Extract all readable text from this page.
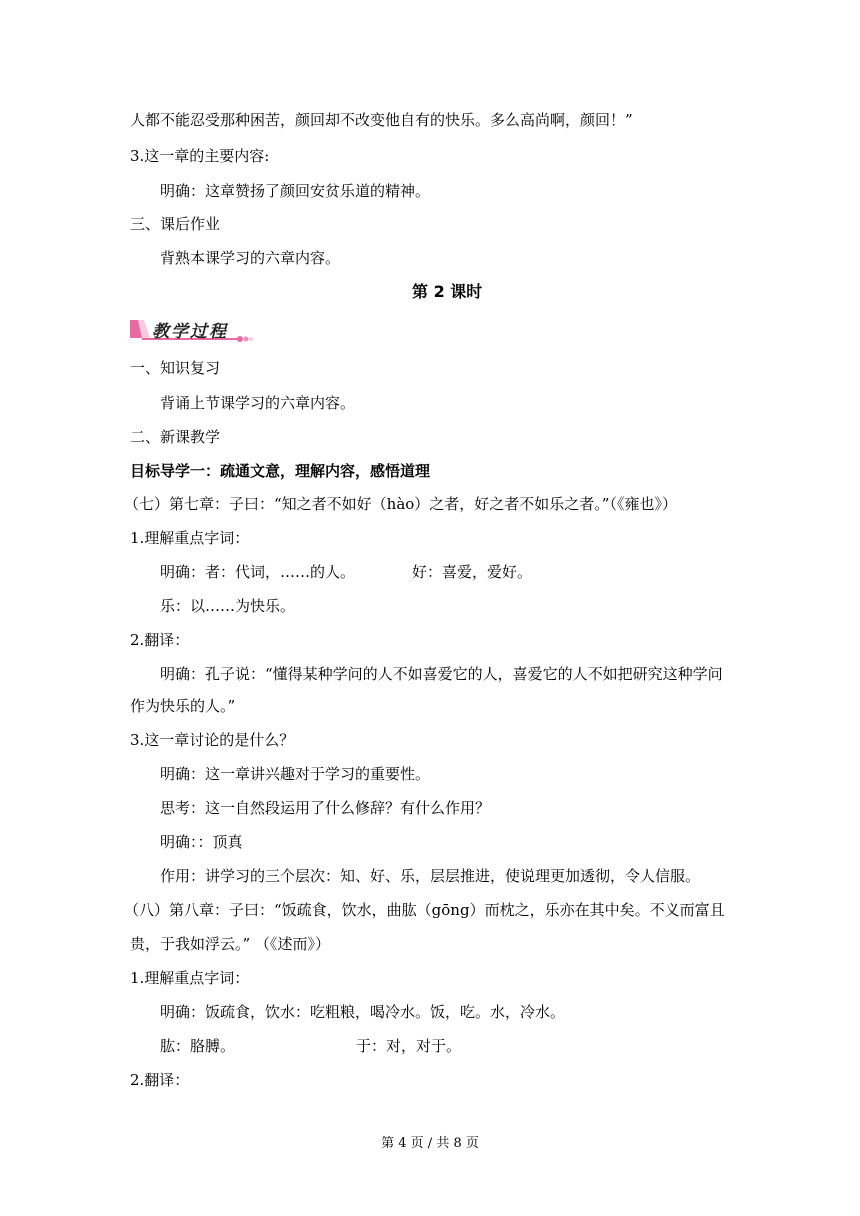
人都不能忍受那种困苦，颜回却不改变他自有的快乐。多么高尚啊，颜回！”
3.这一章的主要内容:
明确：这章赞扬了颜回安贫乐道的精神。
三、课后作业
背熟本课学习的六章内容。
第 2 课时
教学过程
一、知识复习
背诵上节课学习的六章内容。
二、新课教学
目标导学一：疏通文意，理解内容，感悟道理
（七）第七章：子曰：“知之者不如好（hào）之者，好之者不如乐之者。”（《雍也》）
1.理解重点字词：
明确：者：代词，……的人。	好：喜爱，爱好。
乐：以……为快乐。
2.翻译：
明确：孔子说：“懂得某种学问的人不如喜爱它的人，喜爱它的人不如把研究这种学问
作为快乐的人。”
3.这一章讨论的是什么？
明确：这一章讲兴趣对于学习的重要性。
思考：这一自然段运用了什么修辞？有什么作用？
明确：：顶真
作用：讲学习的三个层次：知、好、乐，层层推进，使说理更加透彻，令人信服。
（八）第八章：子曰：“饭疏食，饮水，曲肱（gōng）而枕之，乐亦在其中矣。不义而富且
贵，于我如浮云。” （《述而》）
1.理解重点字词：
明确：饭疏食，饮水：吃粗粮，喝冷水。饭，吃。水，冷水。
肱：胳膊。	于：对，对于。
2.翻译：
第 4 页 / 共 8 页
